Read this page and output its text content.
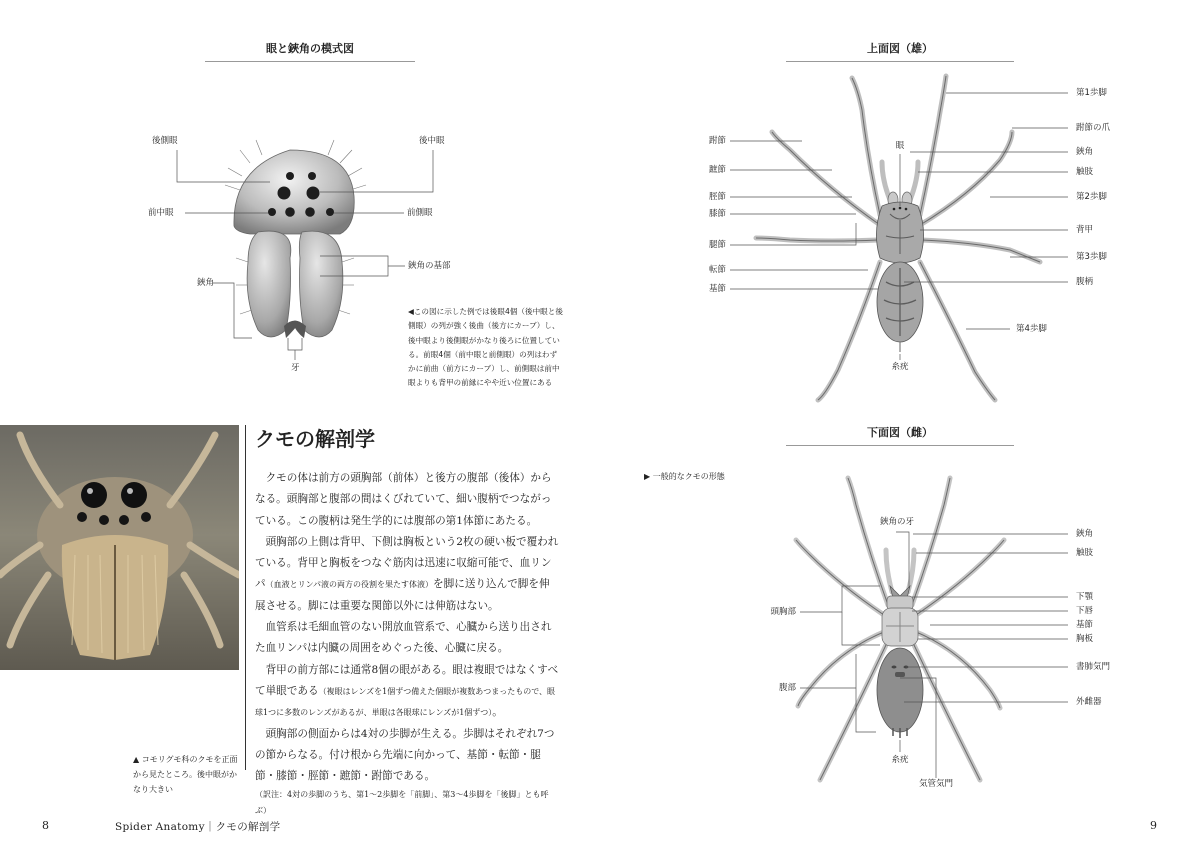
眼と鋏角の模式図
後側眼	後中眼
前中眼	前側眼
鋏角の基部
鋏角
牙
◀この図に示した例では後眼4個（後中眼と後側眼）の列が強く後曲（後方にカーブ）し、後中眼より後側眼がかなり後ろに位置している。前眼4個（前中眼と前側眼）の列はわずかに前曲（前方にカーブ）し、前側眼は前中眼よりも背甲の前縁にやや近い位置にある
上面図（雄）
跗節
蹠節
脛節
膝節
腿節
転節
基節
第1歩脚
跗節の爪
鋏角
触肢
第2歩脚
背甲
第3歩脚
腹柄
第4歩脚
眼
糸疣
下面図（雌）
▶ 一般的なクモの形態
鋏角の牙
鋏角
触肢
下顎
下唇
基節
胸板
書肺気門
外雌器
頭胸部
腹部
糸疣
気管気門
▲ コモリグモ科のクモを正面から見たところ。後中眼がかなり大きい
クモの解剖学

クモの体は前方の頭胸部（前体）と後方の腹部（後体）からなる。頭胸部と腹部の間はくびれていて、細い腹柄でつながっている。この腹柄は発生学的には腹部の第1体節にあたる。

頭胸部の上側は背甲、下側は胸板という2枚の硬い板で覆われている。背甲と胸板をつなぐ筋肉は迅速に収縮可能で、血リンパ（血液とリンパ液の両方の役割を果たす体液）を脚に送り込んで脚を伸展させる。脚には重要な関節以外には伸筋はない。

血管系は毛細血管のない開放血管系で、心臓から送り出された血リンパは内臓の周囲をめぐった後、心臓に戻る。

背甲の前方部には通常8個の眼がある。眼は複眼ではなくすべて単眼である（複眼はレンズを1個ずつ備えた個眼が複数あつまったもので、眼球1つに多数のレンズがあるが、単眼は各眼球にレンズが1個ずつ）。

頭胸部の側面からは4対の歩脚が生える。歩脚はそれぞれ7つの節からなる。付け根から先端に向かって、基節・転節・腿節・膝節・脛節・蹠節・跗節である。

（訳注：4対の歩脚のうち、第1〜2歩脚を「前脚」、第3〜4歩脚を「後脚」とも呼ぶ）

8	Spider Anatomy｜クモの解剖学	9
